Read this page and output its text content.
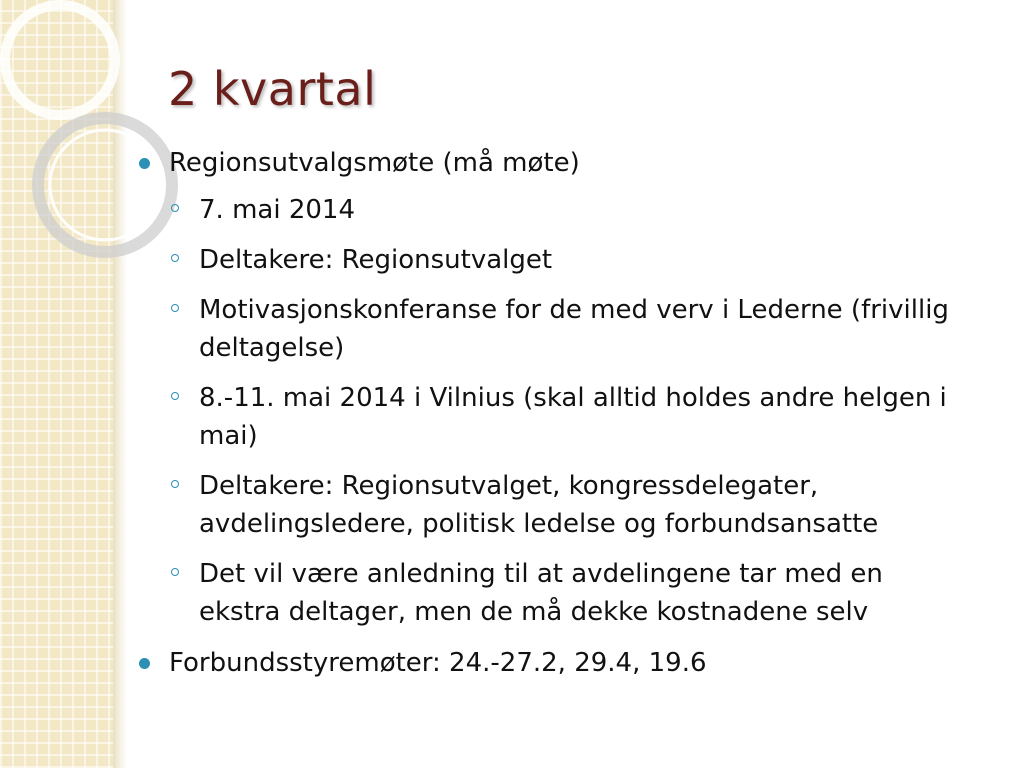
2 kvartal
Regionsutvalgsmøte (må møte)
7. mai 2014
Deltakere: Regionsutvalget
Motivasjonskonferanse for de med verv i Lederne (frivillig deltagelse)
8.-11. mai 2014 i Vilnius (skal alltid holdes andre helgen i mai)
Deltakere: Regionsutvalget, kongressdelegater, avdelingsledere, politisk ledelse og forbundsansatte
Det vil være anledning til at avdelingene tar med en ekstra deltager, men de må dekke kostnadene selv
Forbundsstyremøter: 24.-27.2, 29.4, 19.6
